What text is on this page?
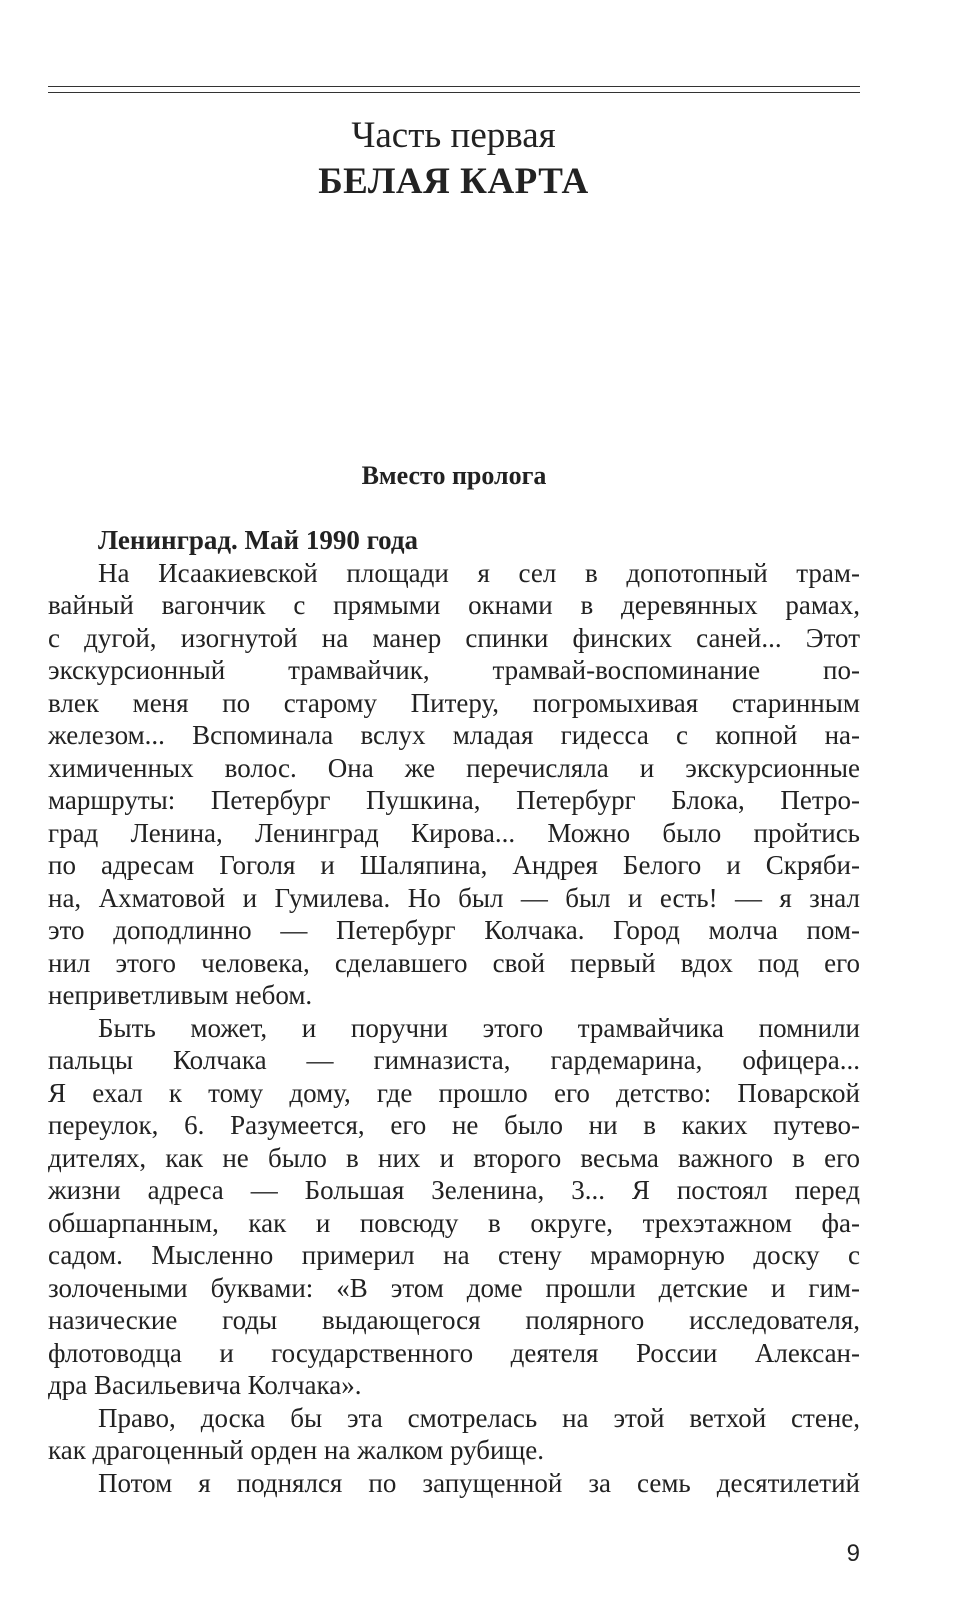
Часть первая
БЕЛАЯ КАРТА
Вместо пролога
Ленинград. Май 1990 года
На Исаакиевской площади я сел в допотопный трам-
вайный вагончик с прямыми окнами в деревянных рамах,
с дугой, изогнутой на манер спинки финских саней... Этот
экскурсионный трамвайчик, трамвай-воспоминание по-
влек меня по старому Питеру, погромыхивая старинным
железом... Вспоминала вслух младая гидесса с копной на-
химиченных волос. Она же перечисляла и экскурсионные
маршруты: Петербург Пушкина, Петербург Блока, Петро-
град Ленина, Ленинград Кирова... Можно было пройтись
по адресам Гоголя и Шаляпина, Андрея Белого и Скряби-
на, Ахматовой и Гумилева. Но был — был и есть! — я знал
это доподлинно — Петербург Колчака. Город молча пом-
нил этого человека, сделавшего свой первый вдох под его
неприветливым небом.
Быть может, и поручни этого трамвайчика помнили
пальцы Колчака — гимназиста, гардемарина, офицера...
Я ехал к тому дому, где прошло его детство: Поварской
переулок, 6. Разумеется, его не было ни в каких путево-
дителях, как не было в них и второго весьма важного в его
жизни адреса — Большая Зеленина, 3... Я постоял перед
обшарпанным, как и повсюду в округе, трехэтажном фа-
садом. Мысленно примерил на стену мраморную доску с
золочеными буквами: «В этом доме прошли детские и гим-
назические годы выдающегося полярного исследователя,
флотоводца и государственного деятеля России Алексан-
дра Васильевича Колчака».
Право, доска бы эта смотрелась на этой ветхой стене,
как драгоценный орден на жалком рубище.
Потом я поднялся по запущенной за семь десятилетий
9
